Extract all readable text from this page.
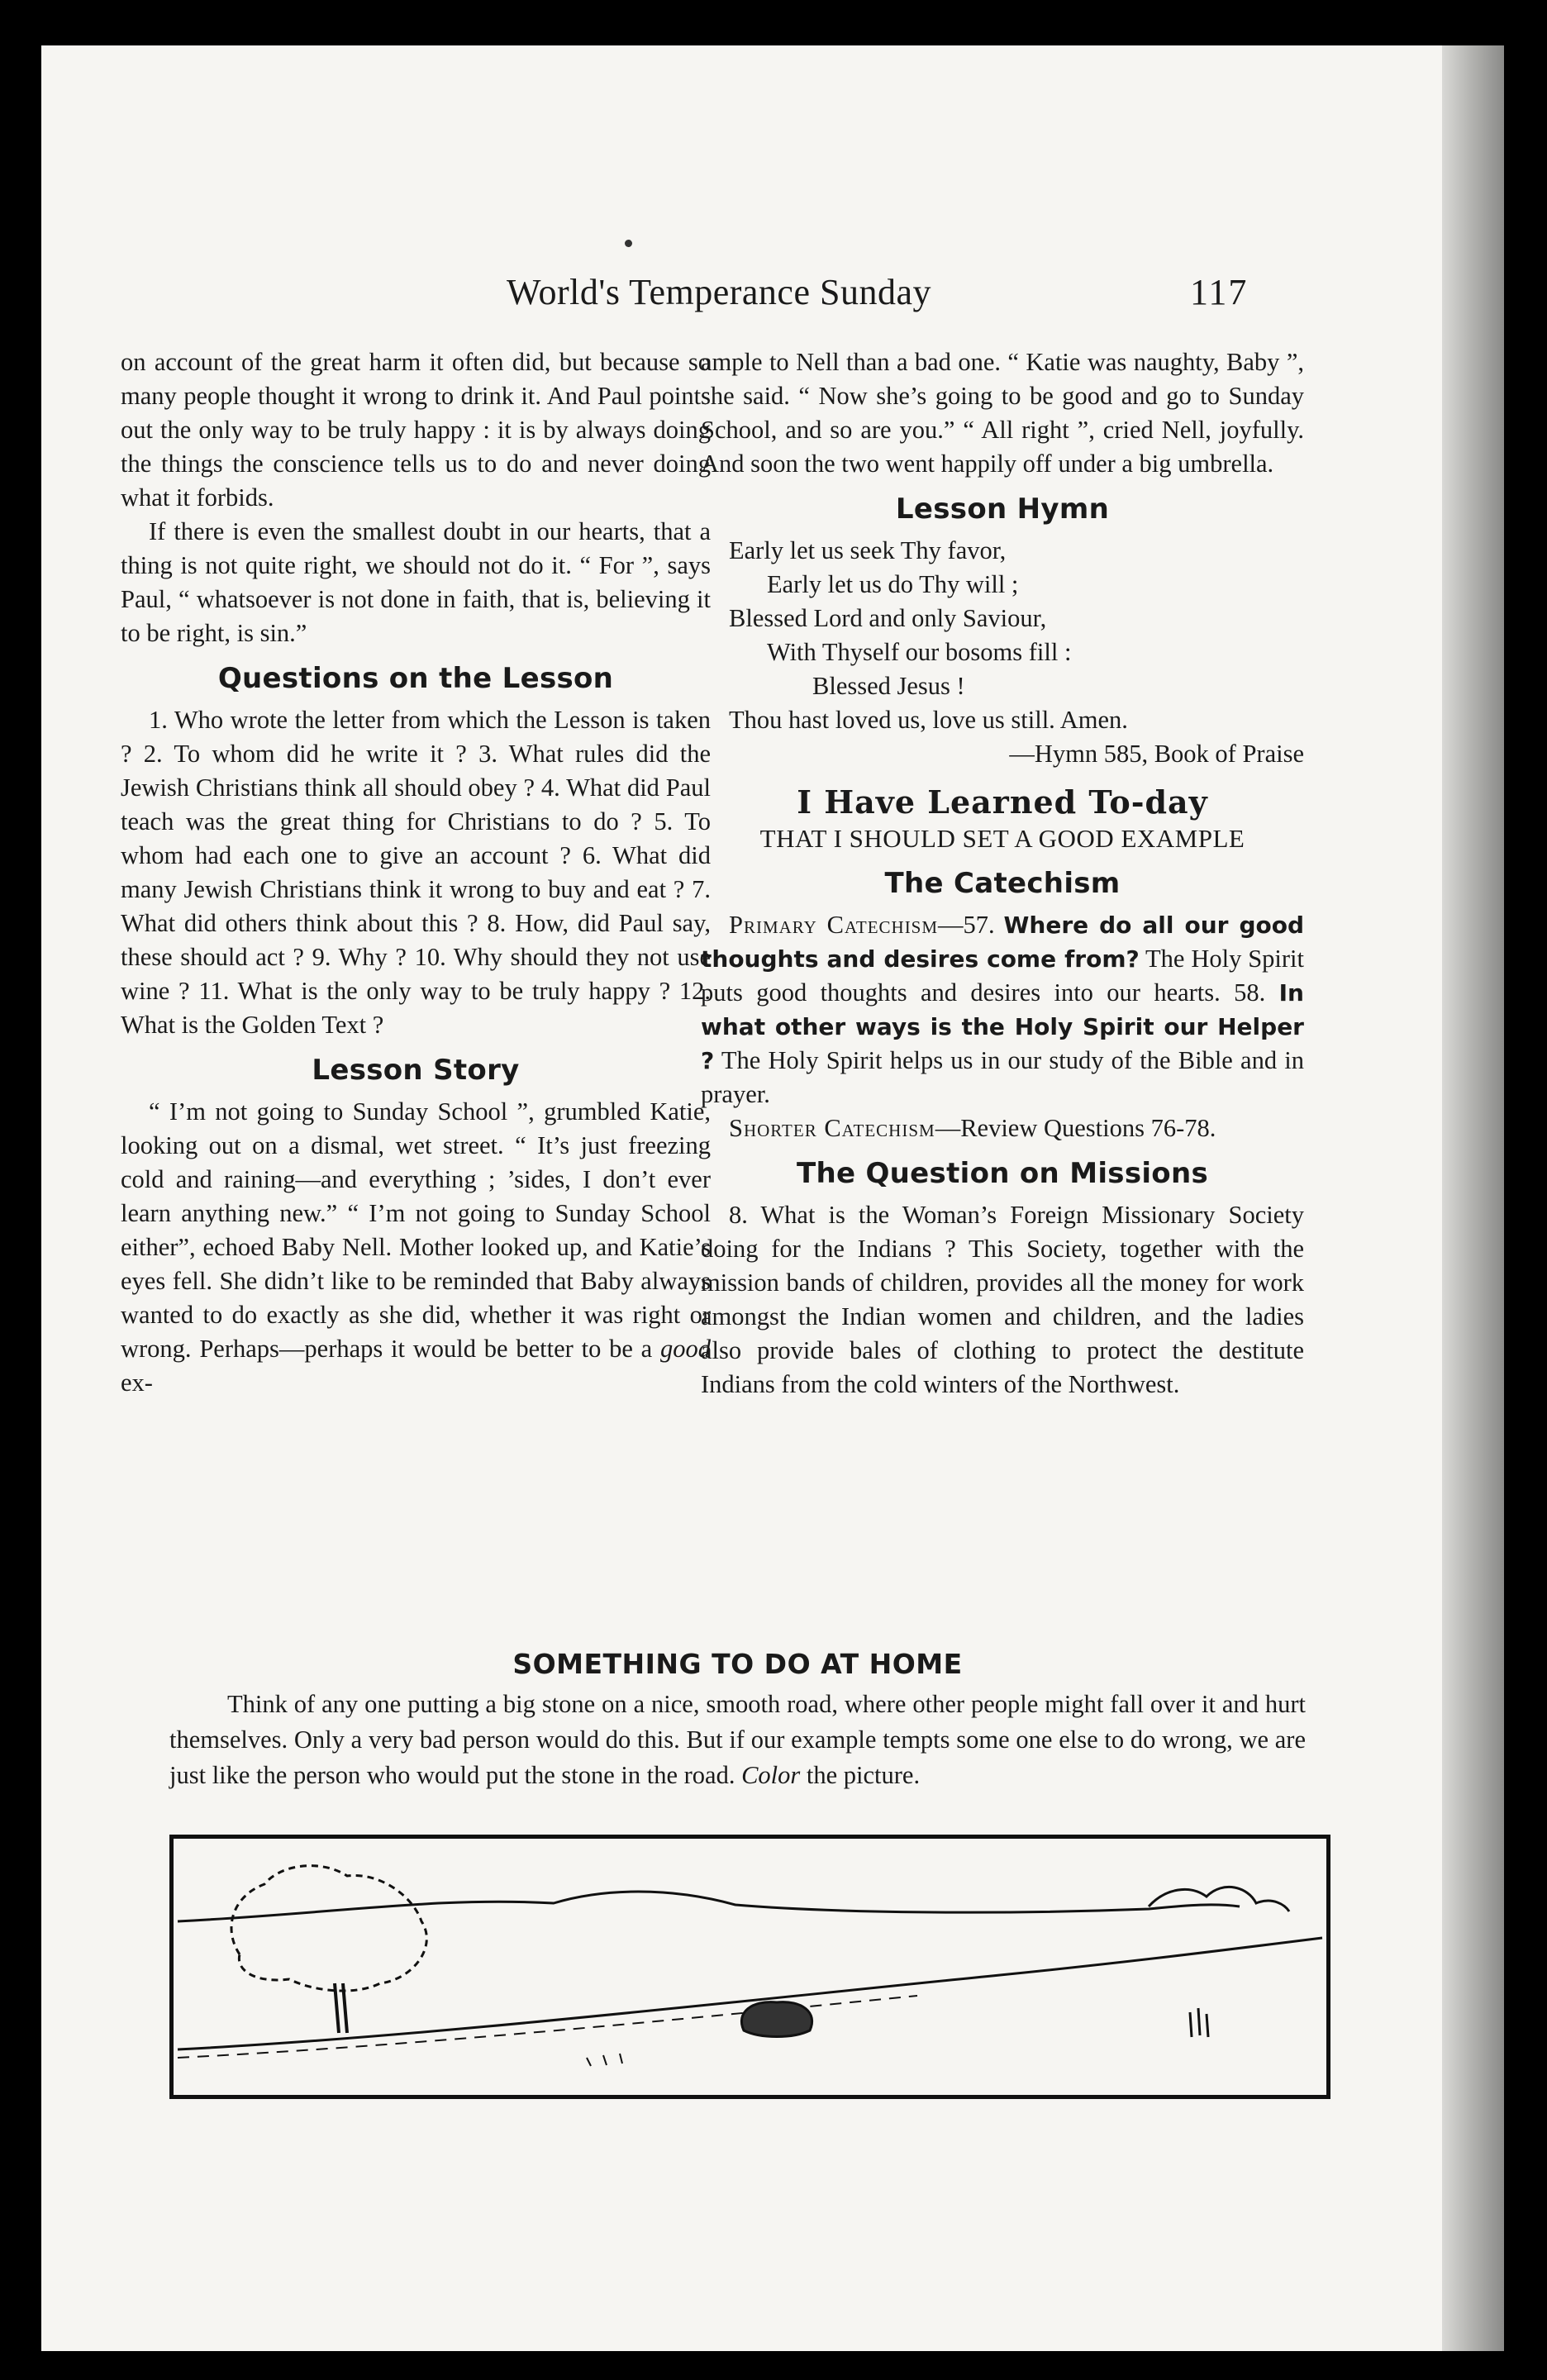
World's Temperance Sunday	117

on account of the great harm it often did, but because so many people thought it wrong to drink it. And Paul points out the only way to be truly happy : it is by always doing the things the conscience tells us to do and never doing what it forbids.

If there is even the smallest doubt in our hearts, that a thing is not quite right, we should not do it. “ For ”, says Paul, “ whatsoever is not done in faith, that is, believing it to be right, is sin.”

Questions on the Lesson

1. Who wrote the letter from which the Lesson is taken ? 2. To whom did he write it ? 3. What rules did the Jewish Christians think all should obey ? 4. What did Paul teach was the great thing for Christians to do ? 5. To whom had each one to give an account ? 6. What did many Jewish Christians think it wrong to buy and eat ? 7. What did others think about this ? 8. How, did Paul say, these should act ? 9. Why ? 10. Why should they not use wine ? 11. What is the only way to be truly happy ? 12. What is the Golden Text ?

Lesson Story

“ I’m not going to Sunday School ”, grumbled Katie, looking out on a dismal, wet street. “ It’s just freezing cold and raining—and everything ; ’sides, I don’t ever learn anything new.” “ I’m not going to Sunday School either”, echoed Baby Nell. Mother looked up, and Katie’s eyes fell. She didn’t like to be reminded that Baby always wanted to do exactly as she did, whether it was right or wrong. Perhaps—perhaps it would be better to be a good ex-

ample to Nell than a bad one. “ Katie was naughty, Baby ”, she said. “ Now she’s going to be good and go to Sunday School, and so are you.” “ All right ”, cried Nell, joyfully. And soon the two went happily off under a big umbrella.

Lesson Hymn
Early let us seek Thy favor,
Early let us do Thy will ;
Blessed Lord and only Saviour,
With Thyself our bosoms fill :
Blessed Jesus !
Thou hast loved us, love us still. Amen.
—Hymn 585, Book of Praise
I Have Learned To-day
THAT I SHOULD SET A GOOD EXAMPLE
The Catechism

Primary Catechism—57. Where do all our good thoughts and desires come from? The Holy Spirit puts good thoughts and desires into our hearts. 58. In what other ways is the Holy Spirit our Helper ? The Holy Spirit helps us in our study of the Bible and in prayer.

Shorter Catechism—Review Questions 76-78.

The Question on Missions

8. What is the Woman’s Foreign Missionary Society doing for the Indians ? This Society, together with the mission bands of children, provides all the money for work amongst the Indian women and children, and the ladies also provide bales of clothing to protect the destitute Indians from the cold winters of the Northwest.

SOMETHING TO DO AT HOME

Think of any one putting a big stone on a nice, smooth road, where other people might fall over it and hurt themselves. Only a very bad person would do this. But if our example tempts some one else to do wrong, we are just like the person who would put the stone in the road. Color the picture.
